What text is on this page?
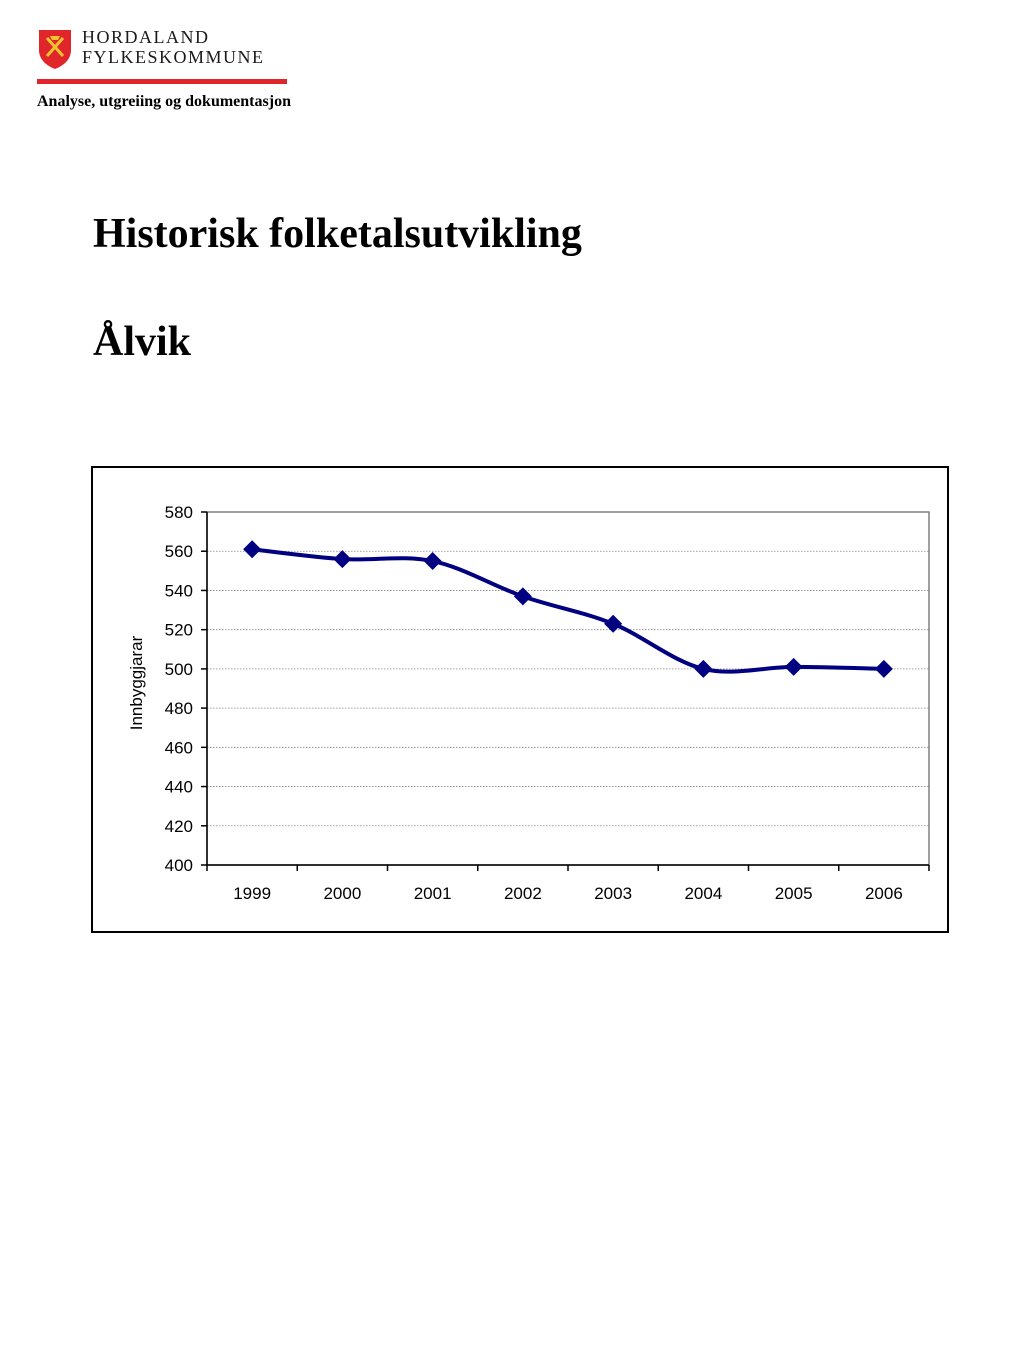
HORDALAND
FYLKESKOMMUNE
Analyse, utgreiing og dokumentasjon
Historisk folketalsutvikling
Ålvik
400
420
440
460
480
500
520
540
560
580
1999	2000	2001	2002	2003	2004	2005	2006
Innbyggjarar
